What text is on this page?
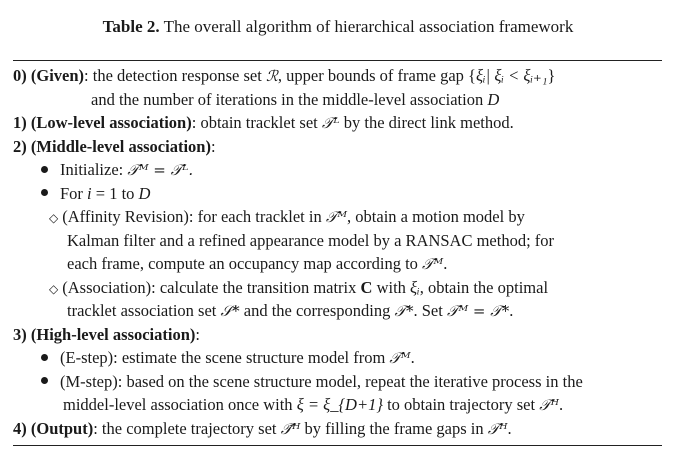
Table 2. The overall algorithm of hierarchical association framework
0) (Given): the detection response set ℛ, upper bounds of frame gap {ξᵢ| ξᵢ < ξᵢ₊₁}
and the number of iterations in the middle-level association D
1) (Low-level association): obtain tracklet set 𝒯ᴸ by the direct link method.
2) (Middle-level association):
Initialize: 𝒯ᴹ = 𝒯ᴸ.
For i = 1 to D
◇ (Affinity Revision): for each tracklet in 𝒯ᴹ, obtain a motion model by
Kalman filter and a refined appearance model by a RANSAC method; for
each frame, compute an occupancy map according to 𝒯ᴹ.
◇ (Association): calculate the transition matrix C with ξᵢ, obtain the optimal
tracklet association set 𝒮* and the corresponding 𝒯*. Set 𝒯ᴹ = 𝒯*.
3) (High-level association):
(E-step): estimate the scene structure model from 𝒯ᴹ.
(M-step): based on the scene structure model, repeat the iterative process in the
middel-level association once with ξ = ξ_{D+1} to obtain trajectory set 𝒯ᴴ.
4) (Output): the complete trajectory set 𝒯̃ᴴ by filling the frame gaps in 𝒯ᴴ.
